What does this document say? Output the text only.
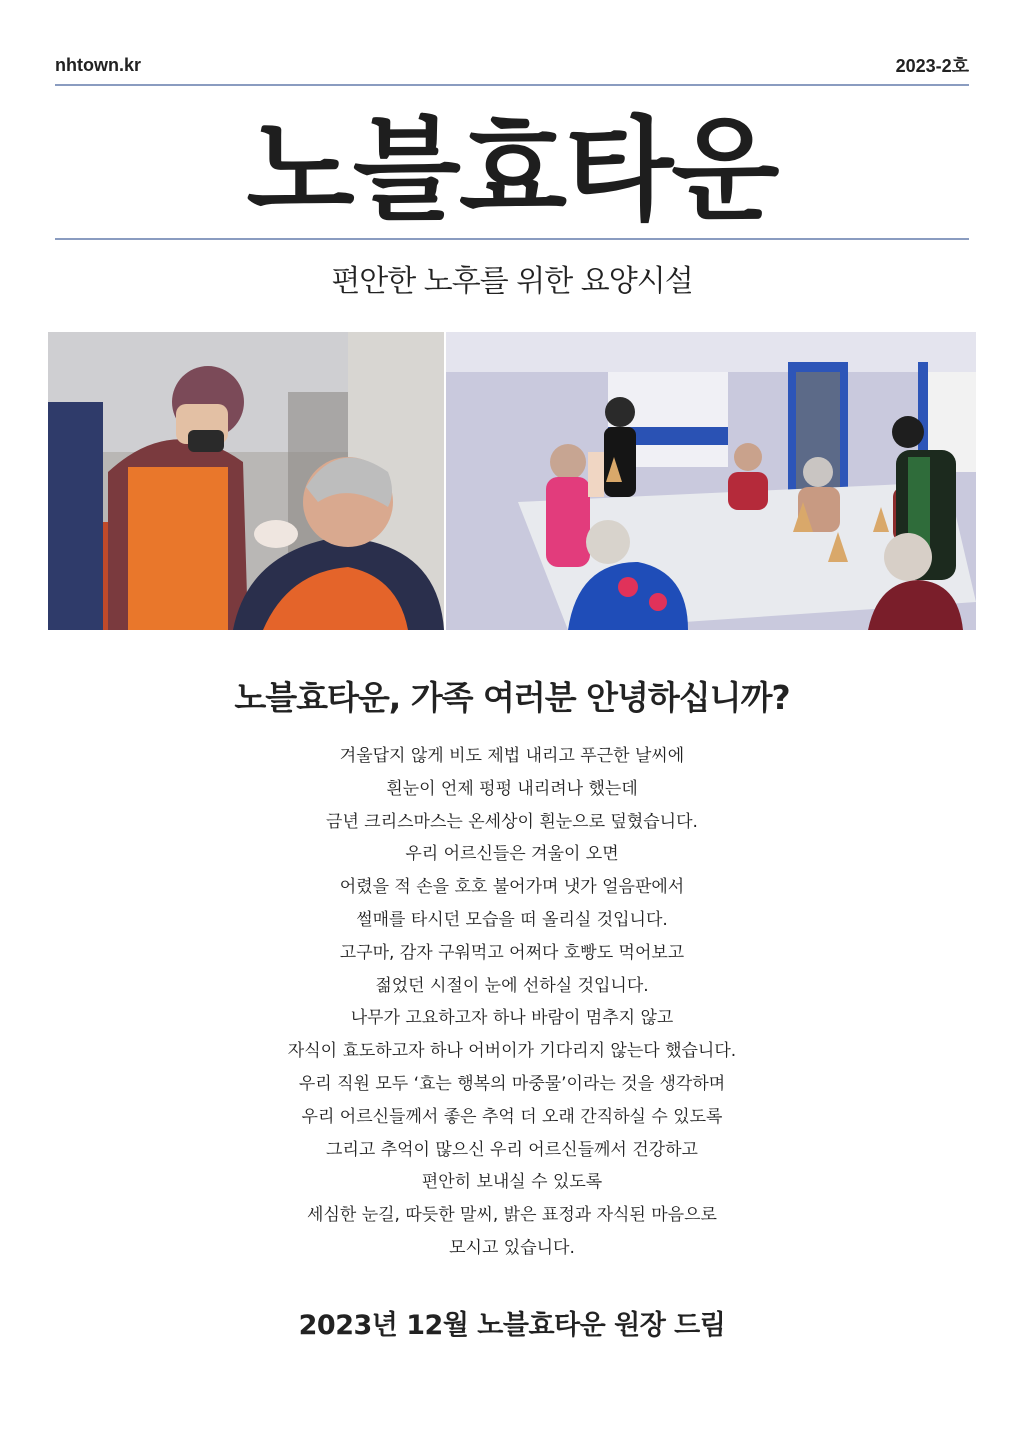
nhtown.kr	2023-2호
노블효타운
편안한 노후를 위한 요양시설
노블효타운, 가족 여러분 안녕하십니까?
겨울답지 않게 비도 제법 내리고 푸근한 날씨에
흰눈이 언제 펑펑 내리려나 했는데
금년 크리스마스는 온세상이 흰눈으로 덮혔습니다.
우리 어르신들은 겨울이 오면
어렸을 적 손을 호호 불어가며 냇가 얼음판에서
썰매를 타시던 모습을 떠 올리실 것입니다.
고구마, 감자 구워먹고 어쩌다 호빵도 먹어보고
젊었던 시절이 눈에 선하실 것입니다.
나무가 고요하고자 하나 바람이 멈추지 않고
자식이 효도하고자 하나 어버이가 기다리지 않는다 했습니다.
우리 직원 모두 ‘효는 행복의 마중물’이라는 것을 생각하며
우리 어르신들께서 좋은 추억 더 오래 간직하실 수 있도록
그리고 추억이 많으신 우리 어르신들께서 건강하고
편안히 보내실 수 있도록
세심한 눈길, 따듯한 말씨, 밝은 표정과 자식된 마음으로
모시고 있습니다.
2023년 12월 노블효타운 원장 드림
